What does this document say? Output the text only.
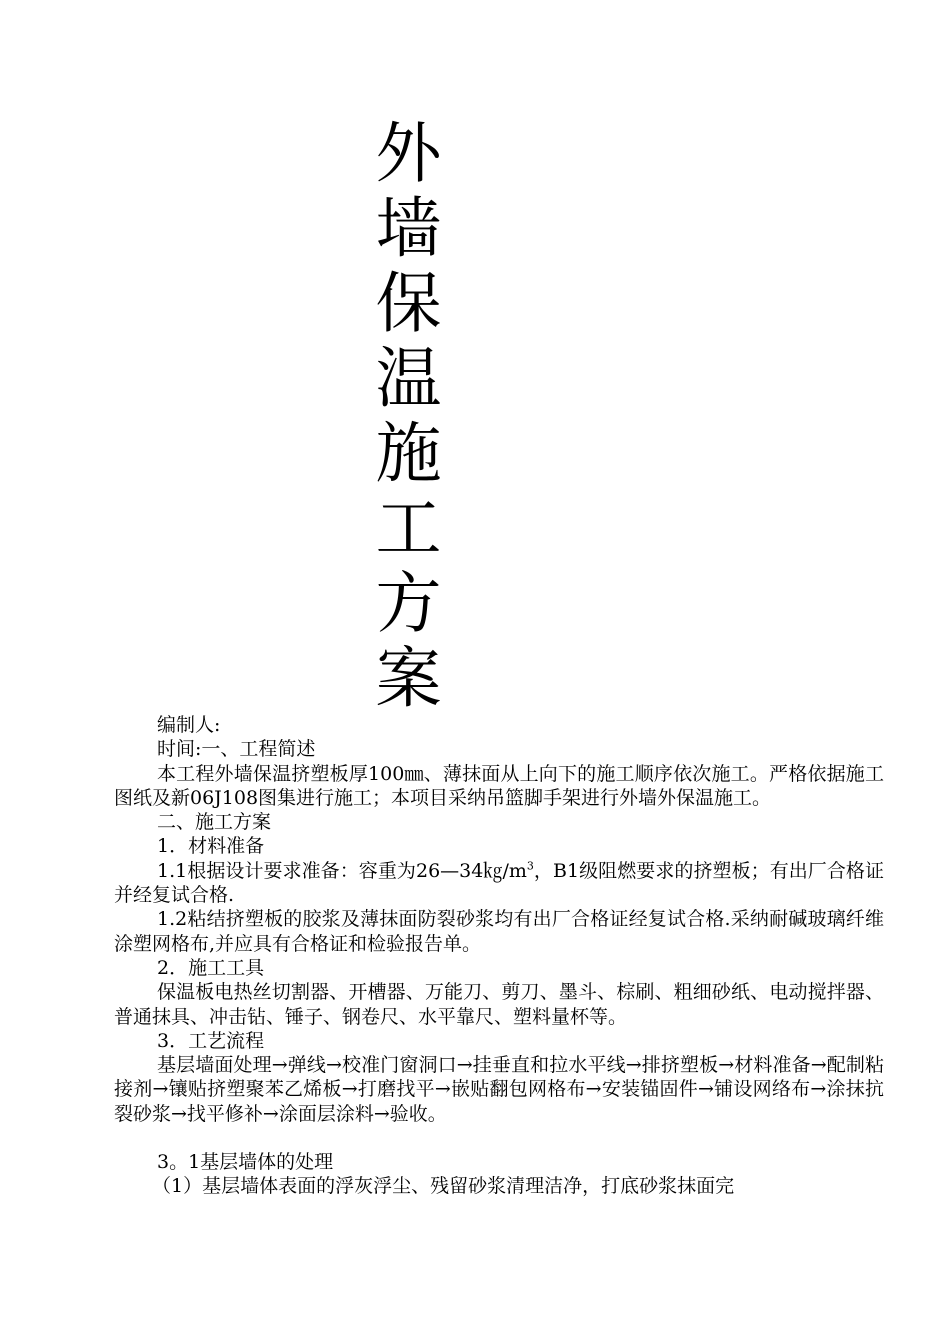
外墙保温施工方案

编制人:

时间:一、工程简述

本工程外墙保温挤塑板厚100㎜、薄抹面从上向下的施工顺序依次施工。严格依据施工图纸及新06J108图集进行施工；本项目采纳吊篮脚手架进行外墙外保温施工。

二、施工方案

1．材料准备

1.1根据设计要求准备：容重为$26—34㎏/m^3$，B1级阻燃要求的挤塑板；有出厂合格证并经复试合格.

1.2粘结挤塑板的胶浆及薄抹面防裂砂浆均有出厂合格证经复试合格.采纳耐碱玻璃纤维涂塑网格布,并应具有合格证和检验报告单。

2．施工工具

保温板电热丝切割器、开槽器、万能刀、剪刀、墨斗、棕刷、粗细砂纸、电动搅拌器、普通抹具、冲击钻、锤子、钢卷尺、水平靠尺、塑料量杯等。

3．工艺流程

基层墙面处理→弹线→校准门窗洞口→挂垂直和拉水平线→排挤塑板→材料准备→配制粘接剂→镶贴挤塑聚苯乙烯板→打磨找平→嵌贴翻包网格布→安装锚固件→铺设网络布→涂抹抗裂砂浆→找平修补→涂面层涂料→验收。

3。1基层墙体的处理

（1）基层墙体表面的浮灰浮尘、残留砂浆清理洁净，打底砂浆抹面完
